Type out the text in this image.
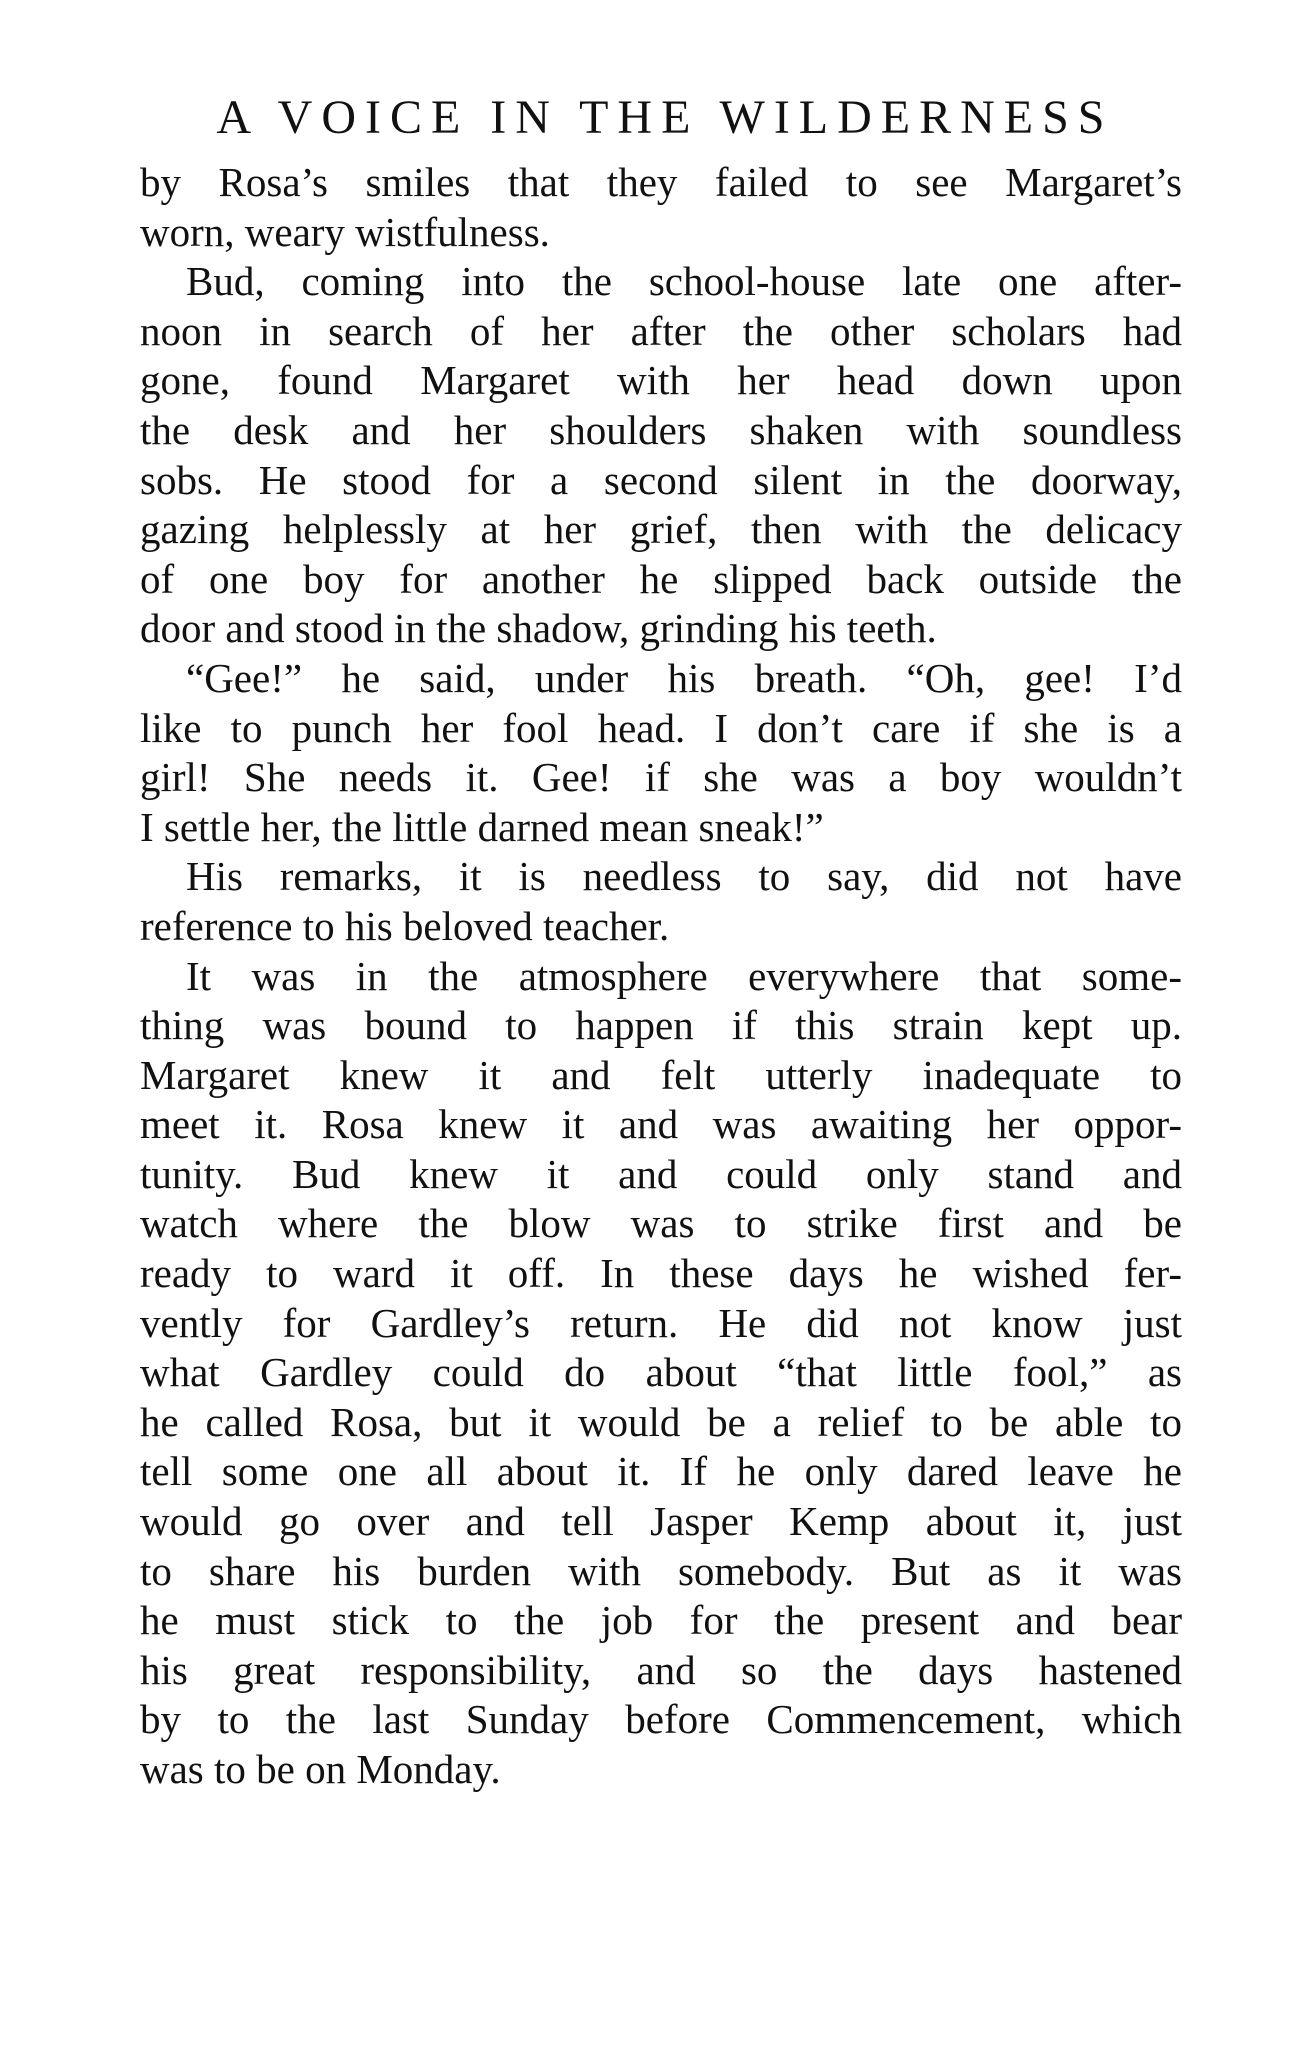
A VOICE IN THE WILDERNESS

by Rosa’s smiles that they failed to see Margaret’s
worn, weary wistfulness.

Bud, coming into the school-house late one after-
noon in search of her after the other scholars had
gone, found Margaret with her head down upon
the desk and her shoulders shaken with soundless
sobs. He stood for a second silent in the doorway,
gazing helplessly at her grief, then with the delicacy
of one boy for another he slipped back outside the
door and stood in the shadow, grinding his teeth.

“Gee!” he said, under his breath. “Oh, gee! I’d
like to punch her fool head. I don’t care if she is a
girl! She needs it. Gee! if she was a boy wouldn’t
I settle her, the little darned mean sneak!”

His remarks, it is needless to say, did not have
reference to his beloved teacher.

It was in the atmosphere everywhere that some-
thing was bound to happen if this strain kept up.
Margaret knew it and felt utterly inadequate to
meet it. Rosa knew it and was awaiting her oppor-
tunity. Bud knew it and could only stand and
watch where the blow was to strike first and be
ready to ward it off. In these days he wished fer-
vently for Gardley’s return. He did not know just
what Gardley could do about “that little fool,” as
he called Rosa, but it would be a relief to be able to
tell some one all about it. If he only dared leave he
would go over and tell Jasper Kemp about it, just
to share his burden with somebody. But as it was
he must stick to the job for the present and bear
his great responsibility, and so the days hastened
by to the last Sunday before Commencement, which
was to be on Monday.
